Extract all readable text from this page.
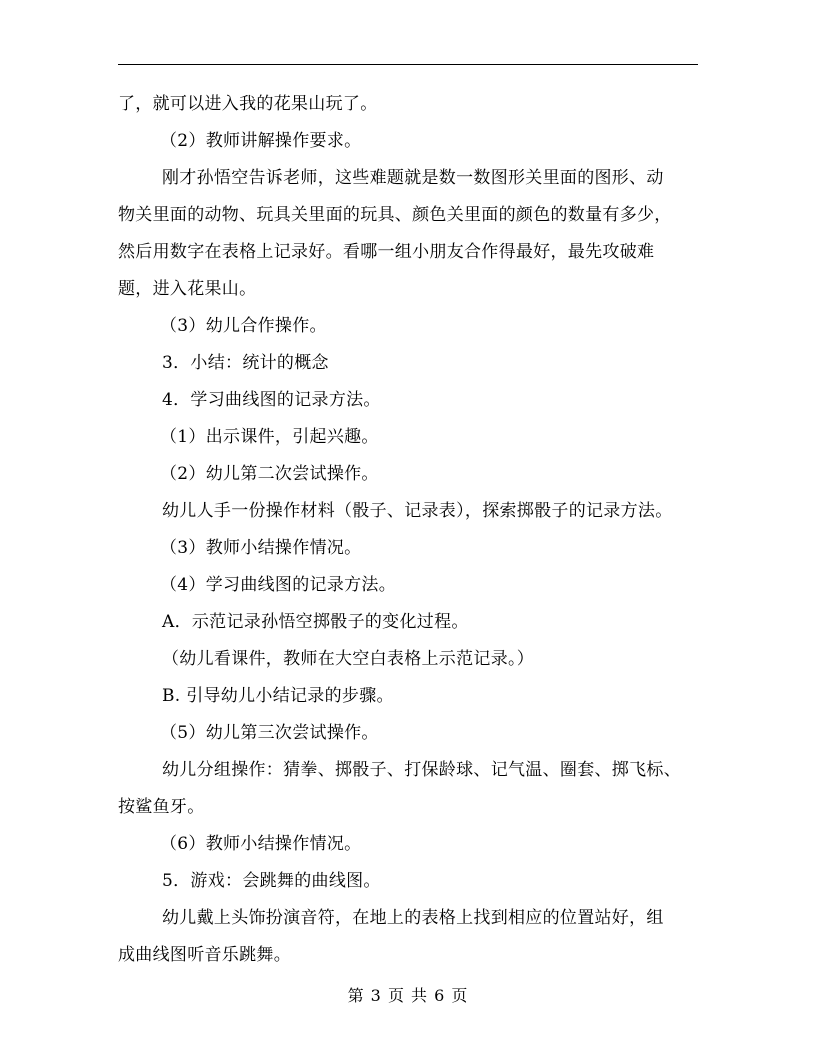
了，就可以进入我的花果山玩了。
（2）教师讲解操作要求。
刚才孙悟空告诉老师，这些难题就是数一数图形关里面的图形、动
物关里面的动物、玩具关里面的玩具、颜色关里面的颜色的数量有多少，
然后用数字在表格上记录好。看哪一组小朋友合作得最好，最先攻破难
题，进入花果山。
（3）幼儿合作操作。
3．小结：统计的概念
4．学习曲线图的记录方法。
（1）出示课件，引起兴趣。
（2）幼儿第二次尝试操作。
幼儿人手一份操作材料（骰子、记录表），探索掷骰子的记录方法。
（3）教师小结操作情况。
（4）学习曲线图的记录方法。
A．示范记录孙悟空掷骰子的变化过程。
（幼儿看课件，教师在大空白表格上示范记录。）
B. 引导幼儿小结记录的步骤。
（5）幼儿第三次尝试操作。
幼儿分组操作：猜拳、掷骰子、打保龄球、记气温、圈套、掷飞标、
按鲨鱼牙。
（6）教师小结操作情况。
5．游戏：会跳舞的曲线图。
幼儿戴上头饰扮演音符，在地上的表格上找到相应的位置站好，组
成曲线图听音乐跳舞。
第 3 页 共 6 页
